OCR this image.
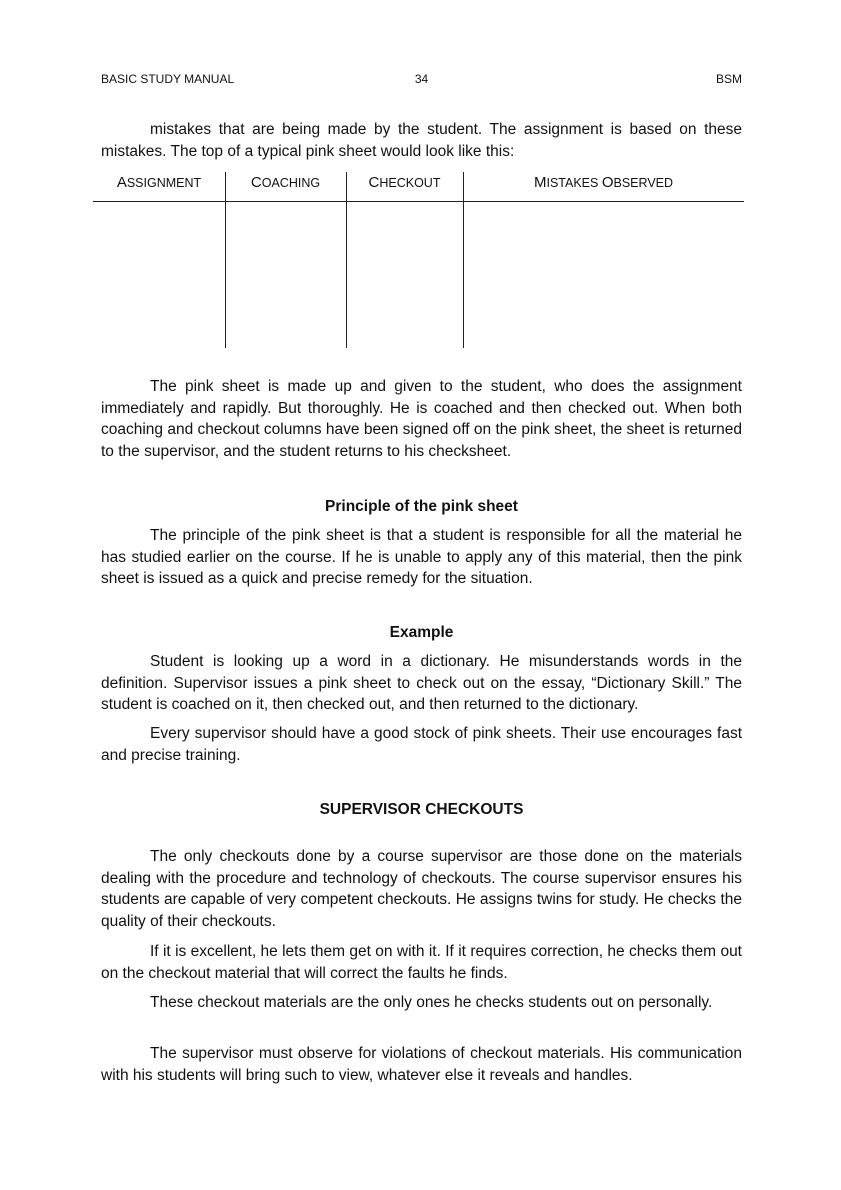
BASIC STUDY MANUAL	34	BSM

mistakes that are being made by the student. The assignment is based on these mistakes. The top of a typical pink sheet would look like this:

ASSIGNMENT	COACHING	CHECKOUT	MISTAKES OBSERVED

The pink sheet is made up and given to the student, who does the assignment immediately and rapidly. But thoroughly. He is coached and then checked out. When both coaching and checkout columns have been signed off on the pink sheet, the sheet is returned to the supervisor, and the student returns to his checksheet.

Principle of the pink sheet

The principle of the pink sheet is that a student is responsible for all the material he has studied earlier on the course. If he is unable to apply any of this material, then the pink sheet is issued as a quick and precise remedy for the situation.

Example

Student is looking up a word in a dictionary. He misunderstands words in the definition. Supervisor issues a pink sheet to check out on the essay, “Dictionary Skill.” The student is coached on it, then checked out, and then returned to the dictionary.

Every supervisor should have a good stock of pink sheets. Their use encourages fast and precise training.

SUPERVISOR CHECKOUTS

The only checkouts done by a course supervisor are those done on the materials dealing with the procedure and technology of checkouts. The course supervisor ensures his students are capable of very competent checkouts. He assigns twins for study. He checks the quality of their checkouts.

If it is excellent, he lets them get on with it. If it requires correction, he checks them out on the checkout material that will correct the faults he finds.

These checkout materials are the only ones he checks students out on personally.

The supervisor must observe for violations of checkout materials. His communication with his students will bring such to view, whatever else it reveals and handles.
